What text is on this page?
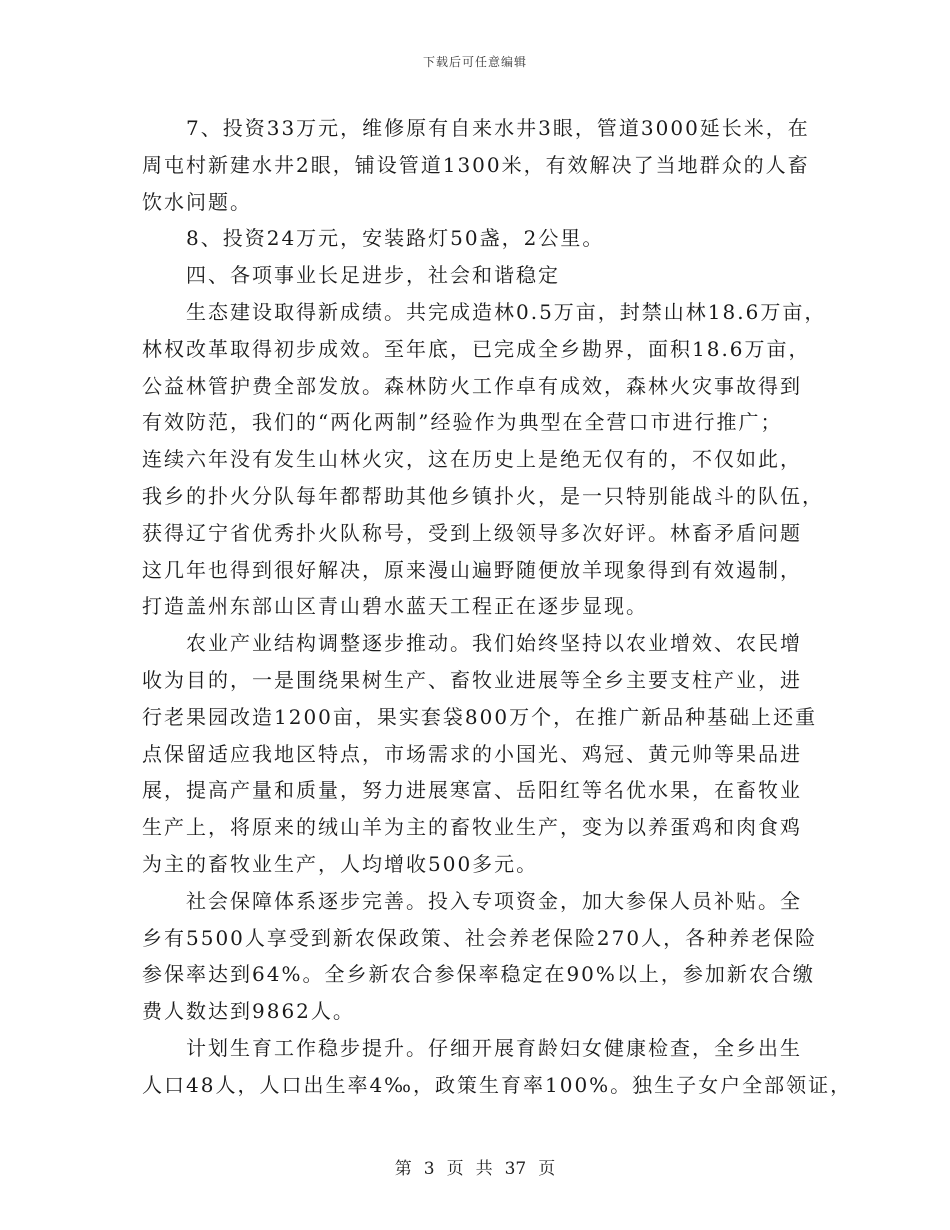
下载后可任意编辑
7、投资33万元，维修原有自来水井3眼，管道3000延长米，在
周屯村新建水井2眼，铺设管道1300米，有效解决了当地群众的人畜
饮水问题。
8、投资24万元，安装路灯50盏，2公里。
四、各项事业长足进步，社会和谐稳定
生态建设取得新成绩。共完成造林0.5万亩，封禁山林18.6万亩，
林权改革取得初步成效。至年底，已完成全乡勘界，面积18.6万亩，
公益林管护费全部发放。森林防火工作卓有成效，森林火灾事故得到
有效防范，我们的“两化两制”经验作为典型在全营口市进行推广；
连续六年没有发生山林火灾，这在历史上是绝无仅有的，不仅如此，
我乡的扑火分队每年都帮助其他乡镇扑火，是一只特别能战斗的队伍，
获得辽宁省优秀扑火队称号，受到上级领导多次好评。林畜矛盾问题
这几年也得到很好解决，原来漫山遍野随便放羊现象得到有效遏制，
打造盖州东部山区青山碧水蓝天工程正在逐步显现。
农业产业结构调整逐步推动。我们始终坚持以农业增效、农民增
收为目的，一是围绕果树生产、畜牧业进展等全乡主要支柱产业，进
行老果园改造1200亩，果实套袋800万个，在推广新品种基础上还重
点保留适应我地区特点，市场需求的小国光、鸡冠、黄元帅等果品进
展，提高产量和质量，努力进展寒富、岳阳红等名优水果，在畜牧业
生产上，将原来的绒山羊为主的畜牧业生产，变为以养蛋鸡和肉食鸡
为主的畜牧业生产，人均增收500多元。
社会保障体系逐步完善。投入专项资金，加大参保人员补贴。全
乡有5500人享受到新农保政策、社会养老保险270人，各种养老保险
参保率达到64%。全乡新农合参保率稳定在90%以上，参加新农合缴
费人数达到9862人。
计划生育工作稳步提升。仔细开展育龄妇女健康检查，全乡出生
人口48人，人口出生率4‰，政策生育率100%。独生子女户全部领证，
第 3 页 共 37 页
